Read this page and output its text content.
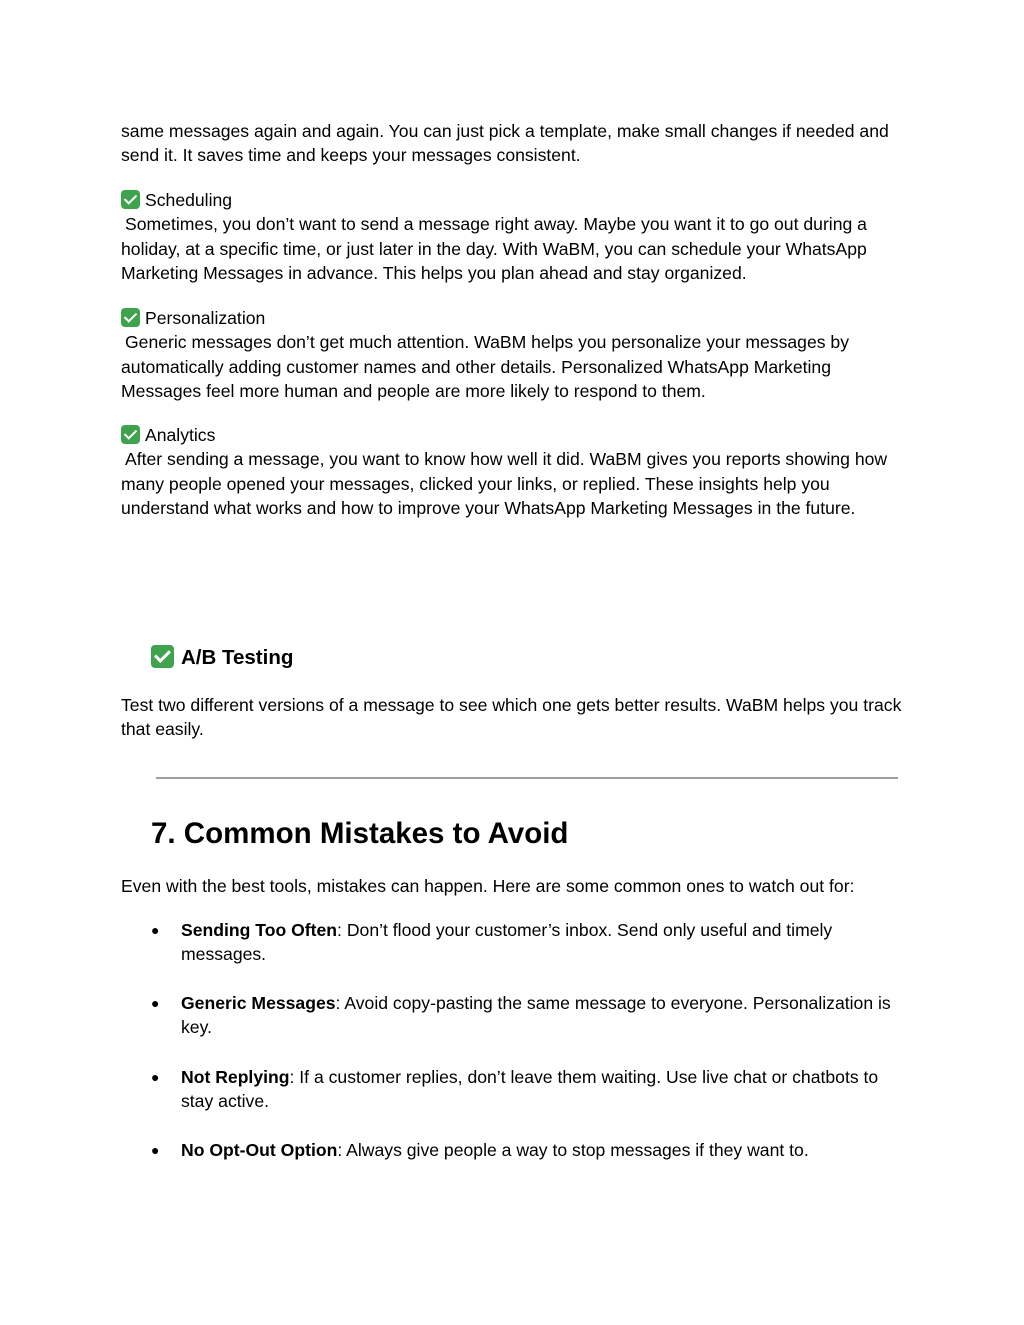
same messages again and again. You can just pick a template, make small changes if needed and send it. It saves time and keeps your messages consistent.

Scheduling
Sometimes, you don’t want to send a message right away. Maybe you want it to go out during a holiday, at a specific time, or just later in the day. With WaBM, you can schedule your WhatsApp Marketing Messages in advance. This helps you plan ahead and stay organized.
Personalization
Generic messages don’t get much attention. WaBM helps you personalize your messages by automatically adding customer names and other details. Personalized WhatsApp Marketing Messages feel more human and people are more likely to respond to them.
Analytics
After sending a message, you want to know how well it did. WaBM gives you reports showing how many people opened your messages, clicked your links, or replied. These insights help you understand what works and how to improve your WhatsApp Marketing Messages in the future.
A/B Testing

Test two different versions of a message to see which one gets better results. WaBM helps you track that easily.

7. Common Mistakes to Avoid

Even with the best tools, mistakes can happen. Here are some common ones to watch out for:

● Sending Too Often: Don’t flood your customer’s inbox. Send only useful and timely messages.
● Generic Messages: Avoid copy-pasting the same message to everyone. Personalization is key.
● Not Replying: If a customer replies, don’t leave them waiting. Use live chat or chatbots to stay active.
● No Opt-Out Option: Always give people a way to stop messages if they want to.
